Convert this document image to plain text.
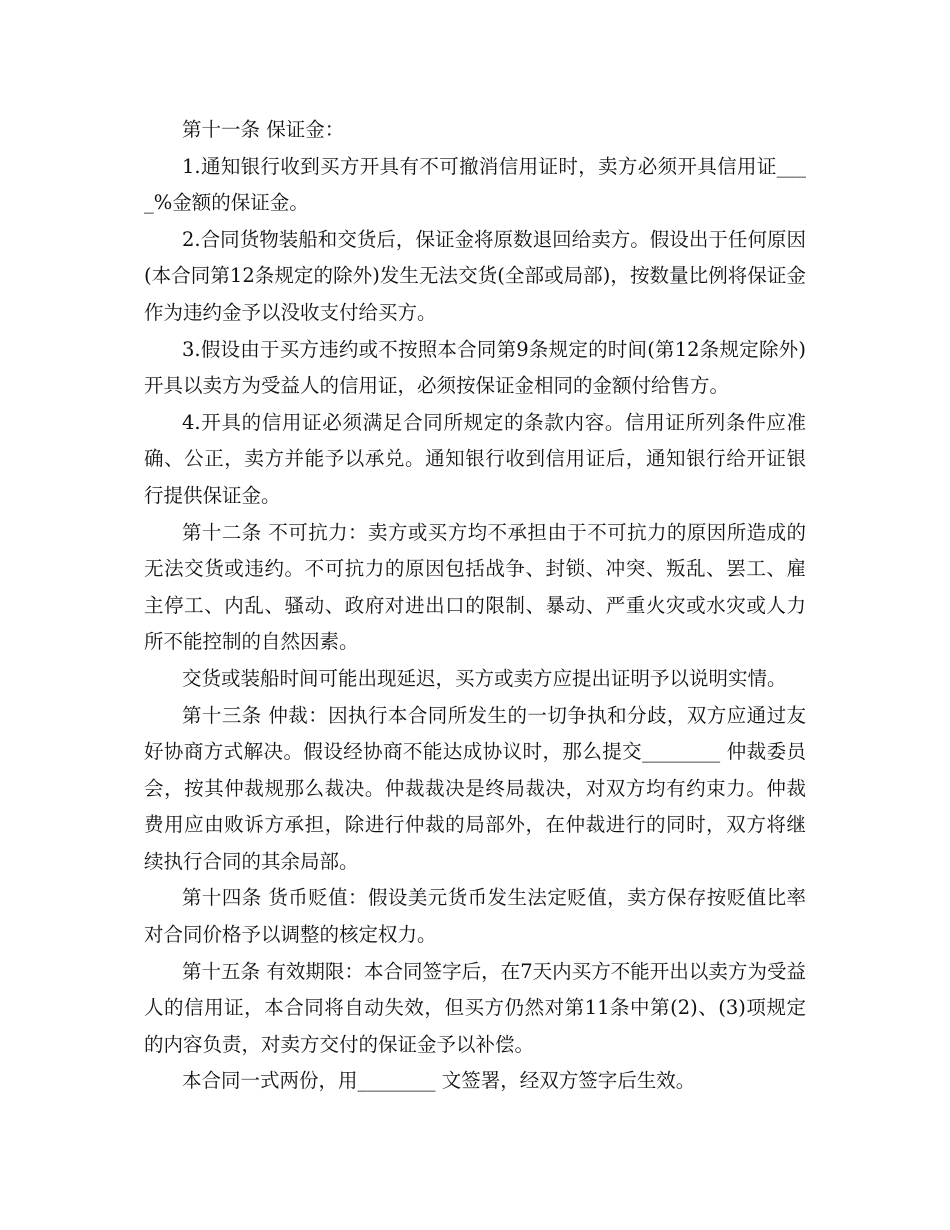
第十一条 保证金：

1.通知银行收到买方开具有不可撤消信用证时，卖方必须开具信用证____%金额的保证金。

2.合同货物装船和交货后，保证金将原数退回给卖方。假设出于任何原因(本合同第12条规定的除外)发生无法交货(全部或局部)，按数量比例将保证金作为违约金予以没收支付给买方。

3.假设由于买方违约或不按照本合同第9条规定的时间(第12条规定除外)开具以卖方为受益人的信用证，必须按保证金相同的金额付给售方。

4.开具的信用证必须满足合同所规定的条款内容。信用证所列条件应准确、公正，卖方并能予以承兑。通知银行收到信用证后，通知银行给开证银行提供保证金。

第十二条 不可抗力：卖方或买方均不承担由于不可抗力的原因所造成的无法交货或违约。不可抗力的原因包括战争、封锁、冲突、叛乱、罢工、雇主停工、内乱、骚动、政府对进出口的限制、暴动、严重火灾或水灾或人力所不能控制的自然因素。

交货或装船时间可能出现延迟，买方或卖方应提出证明予以说明实情。

第十三条 仲裁：因执行本合同所发生的一切争执和分歧，双方应通过友好协商方式解决。假设经协商不能达成协议时，那么提交________ 仲裁委员会，按其仲裁规那么裁决。仲裁裁决是终局裁决，对双方均有约束力。仲裁费用应由败诉方承担，除进行仲裁的局部外，在仲裁进行的同时，双方将继续执行合同的其余局部。

第十四条 货币贬值：假设美元货币发生法定贬值，卖方保存按贬值比率对合同价格予以调整的核定权力。

第十五条 有效期限：本合同签字后，在7天内买方不能开出以卖方为受益人的信用证，本合同将自动失效，但买方仍然对第11条中第(2)、(3)项规定的内容负责，对卖方交付的保证金予以补偿。

本合同一式两份，用________ 文签署，经双方签字后生效。
